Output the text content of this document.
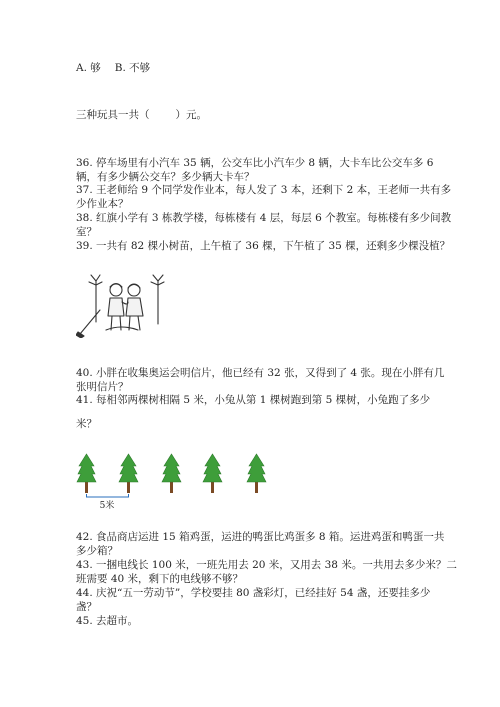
A. 够 B. 不够
三种玩具一共（ ）元。
36. 停车场里有小汽车 35 辆，公交车比小汽车少 8 辆，大卡车比公交车多 6
辆，有多少辆公交车？多少辆大卡车？
37. 王老师给 9 个同学发作业本，每人发了 3 本，还剩下 2 本，王老师一共有多
少作业本？
38. 红旗小学有 3 栋教学楼，每栋楼有 4 层，每层 6 个教室。每栋楼有多少间教
室？
39. 一共有 82 棵小树苗，上午植了 36 棵，下午植了 35 棵，还剩多少棵没植？
40. 小胖在收集奥运会明信片，他已经有 32 张，又得到了 4 张。现在小胖有几
张明信片？
41. 每相邻两棵树相隔 5 米，小兔从第 1 棵树跑到第 5 棵树，小兔跑了多少
米？
5米
42. 食品商店运进 15 箱鸡蛋，运进的鸭蛋比鸡蛋多 8 箱。运进鸡蛋和鸭蛋一共
多少箱？
43. 一捆电线长 100 米，一班先用去 20 米，又用去 38 米。一共用去多少米？二
班需要 40 米，剩下的电线够不够？
44. 庆祝“五一劳动节”，学校要挂 80 盏彩灯，已经挂好 54 盏，还要挂多少
盏？
45. 去超市。
